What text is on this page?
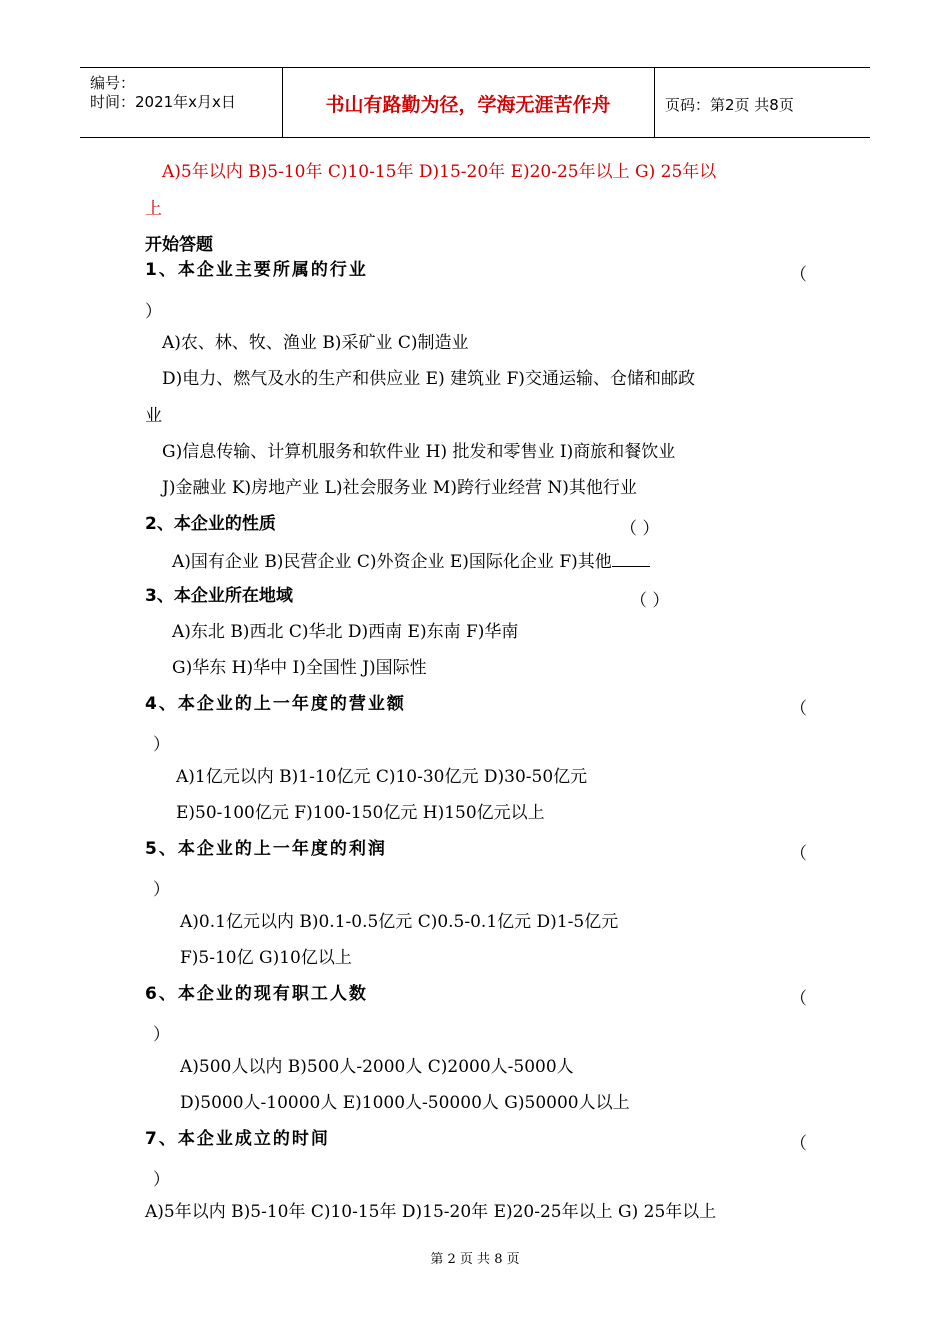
编号：
时间：2021年x月x日	书山有路勤为径，学海无涯苦作舟	页码：第2页 共8页
A)5年以内 B)5-10年 C)10-15年 D)15-20年 E)20-25年以上 G) 25年以
上
开始答题
1、本企业主要所属的行业	（
）
A)农、林、牧、渔业 B)采矿业 C)制造业
D)电力、燃气及水的生产和供应业 E) 建筑业 F)交通运输、仓储和邮政
业
G)信息传输、计算机服务和软件业 H) 批发和零售业 I)商旅和餐饮业
J)金融业 K)房地产业 L)社会服务业 M)跨行业经营 N)其他行业
2、本企业的性质	（ ）
A)国有企业 B)民营企业 C)外资企业 E)国际化企业 F)其他
3、本企业所在地域	（ ）
A)东北 B)西北 C)华北 D)西南 E)东南 F)华南
G)华东 H)华中 I)全国性 J)国际性
4、本企业的上一年度的营业额	（
）
A)1亿元以内 B)1-10亿元 C)10-30亿元 D)30-50亿元
E)50-100亿元 F)100-150亿元 H)150亿元以上
5、本企业的上一年度的利润	（
）
A)0.1亿元以内 B)0.1-0.5亿元 C)0.5-0.1亿元 D)1-5亿元
F)5-10亿 G)10亿以上
6、本企业的现有职工人数	（
）
A)500人以内 B)500人-2000人 C)2000人-5000人
D)5000人-10000人 E)1000人-50000人 G)50000人以上
7、本企业成立的时间	（
）
A)5年以内 B)5-10年 C)10-15年 D)15-20年 E)20-25年以上 G) 25年以上
第 2 页 共 8 页
